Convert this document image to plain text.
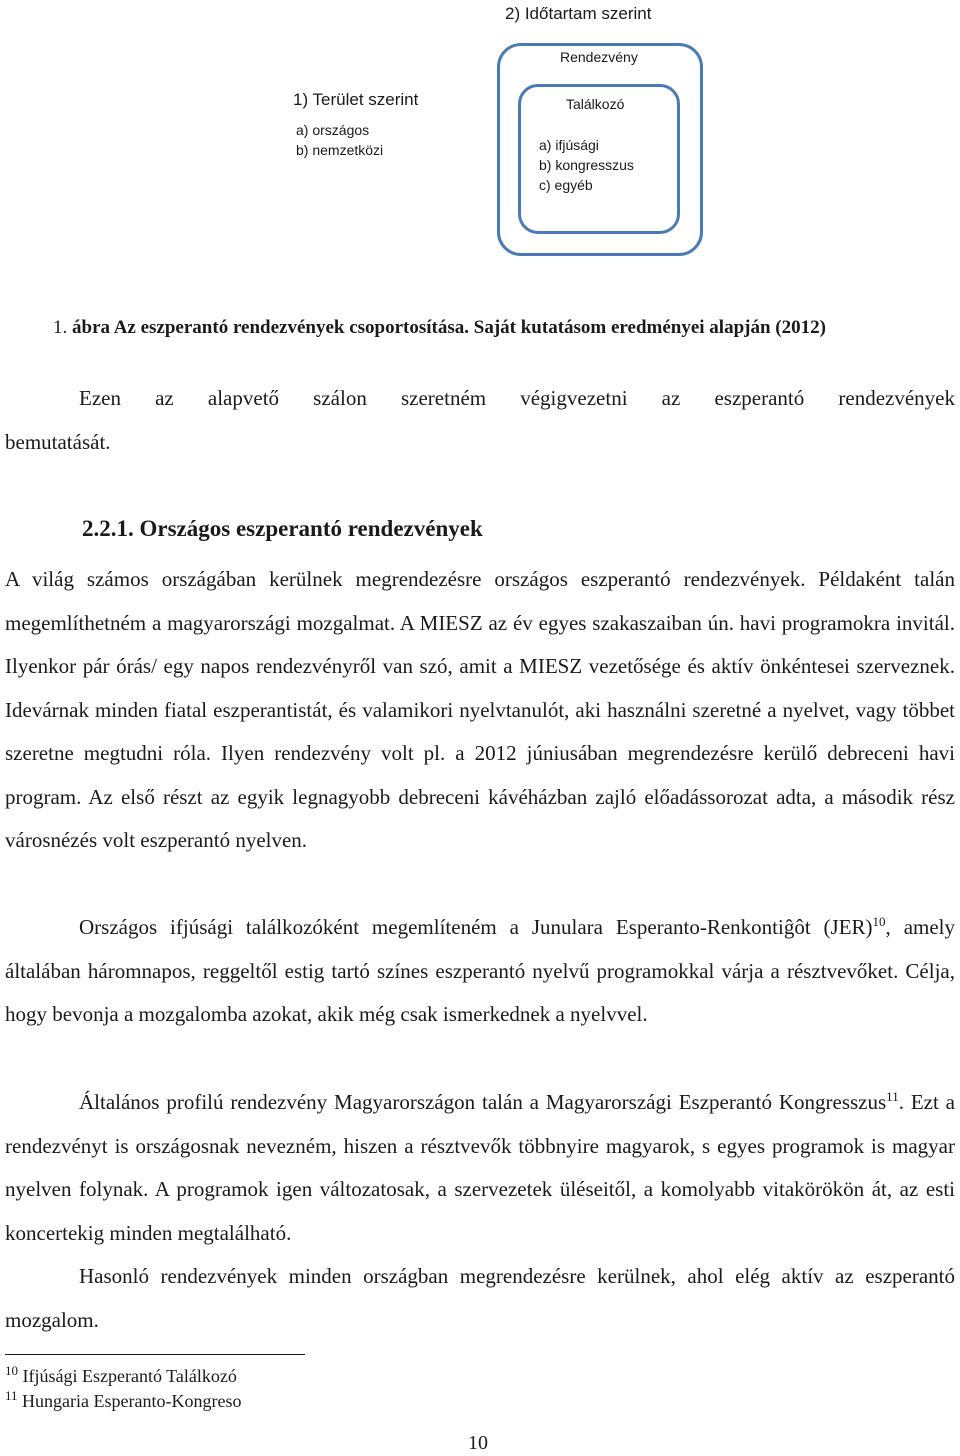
2) Időtartam szerint
Rendezvény
Találkozó
a) ifjúsági
b) kongresszus
c) egyéb
1) Terület szerint
a) országos
b) nemzetközi
1. ábra Az eszperantó rendezvények csoportosítása. Saját kutatásom eredményei alapján (2012)
Ezen az alapvető szálon szeretném végigvezetni az eszperantó rendezvények
bemutatását.
2.2.1. Országos eszperantó rendezvények
A világ számos országában kerülnek megrendezésre országos eszperantó rendezvények. Példaként talán megemlíthetném a magyarországi mozgalmat. A MIESZ az év egyes szakaszaiban ún. havi programokra invitál. Ilyenkor pár órás/ egy napos rendezvényről van szó, amit a MIESZ vezetősége és aktív önkéntesei szerveznek. Idevárnak minden fiatal eszperantistát, és valamikori nyelvtanulót, aki használni szeretné a nyelvet, vagy többet szeretne megtudni róla. Ilyen rendezvény volt pl. a 2012 júniusában megrendezésre kerülő debreceni havi program. Az első részt az egyik legnagyobb debreceni kávéházban zajló előadássorozat adta, a második rész városnézés volt eszperantó nyelven.
Országos ifjúsági találkozóként megemlíteném a Junulara Esperanto-Renkontiĝôt (JER)$^{10}$, amely általában háromnapos, reggeltől estig tartó színes eszperantó nyelvű programokkal várja a résztvevőket. Célja, hogy bevonja a mozgalomba azokat, akik még csak ismerkednek a nyelvvel.
Általános profilú rendezvény Magyarországon talán a Magyarországi Eszperantó Kongresszus$^{11}$. Ezt a rendezvényt is országosnak nevezném, hiszen a résztvevők többnyire magyarok, s egyes programok is magyar nyelven folynak. A programok igen változatosak, a szervezetek üléseitől, a komolyabb vitakörökön át, az esti koncertekig minden megtalálható.
Hasonló rendezvények minden országban megrendezésre kerülnek, ahol elég aktív az eszperantó mozgalom.
$^{10}$ Ifjúsági Eszperantó Találkozó
$^{11}$ Hungaria Esperanto-Kongreso
10
